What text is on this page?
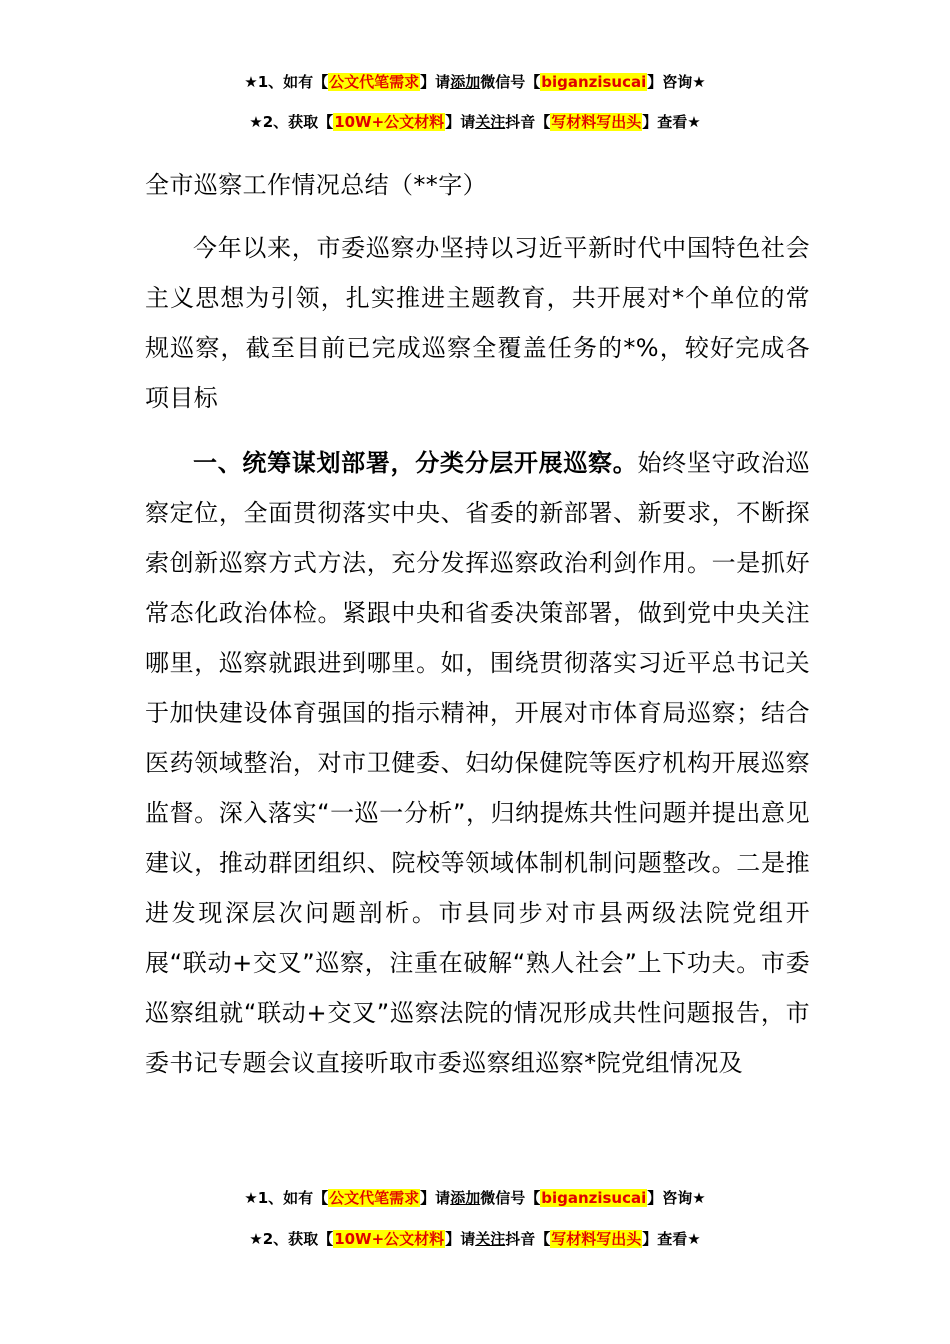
★1、如有【公文代笔需求】请添加微信号【biganzisucai】咨询★
★2、获取【10W+公文材料】请关注抖音【写材料写出头】查看★
全市巡察工作情况总结（**字）
今年以来，市委巡察办坚持以习近平新时代中国特色社会主义思想为引领，扎实推进主题教育，共开展对*个单位的常规巡察，截至目前已完成巡察全覆盖任务的*%，较好完成各项目标
一、统筹谋划部署，分类分层开展巡察。始终坚守政治巡察定位，全面贯彻落实中央、省委的新部署、新要求，不断探索创新巡察方式方法，充分发挥巡察政治利剑作用。一是抓好常态化政治体检。紧跟中央和省委决策部署，做到党中央关注哪里，巡察就跟进到哪里。如，围绕贯彻落实习近平总书记关于加快建设体育强国的指示精神，开展对市体育局巡察；结合医药领域整治，对市卫健委、妇幼保健院等医疗机构开展巡察监督。深入落实“一巡一分析”，归纳提炼共性问题并提出意见建议，推动群团组织、院校等领域体制机制问题整改。二是推进发现深层次问题剖析。市县同步对市县两级法院党组开展“联动+交叉”巡察，注重在破解“熟人社会”上下功夫。市委巡察组就“联动+交叉”巡察法院的情况形成共性问题报告，市委书记专题会议直接听取市委巡察组巡察*院党组情况及
★1、如有【公文代笔需求】请添加微信号【biganzisucai】咨询★
★2、获取【10W+公文材料】请关注抖音【写材料写出头】查看★
